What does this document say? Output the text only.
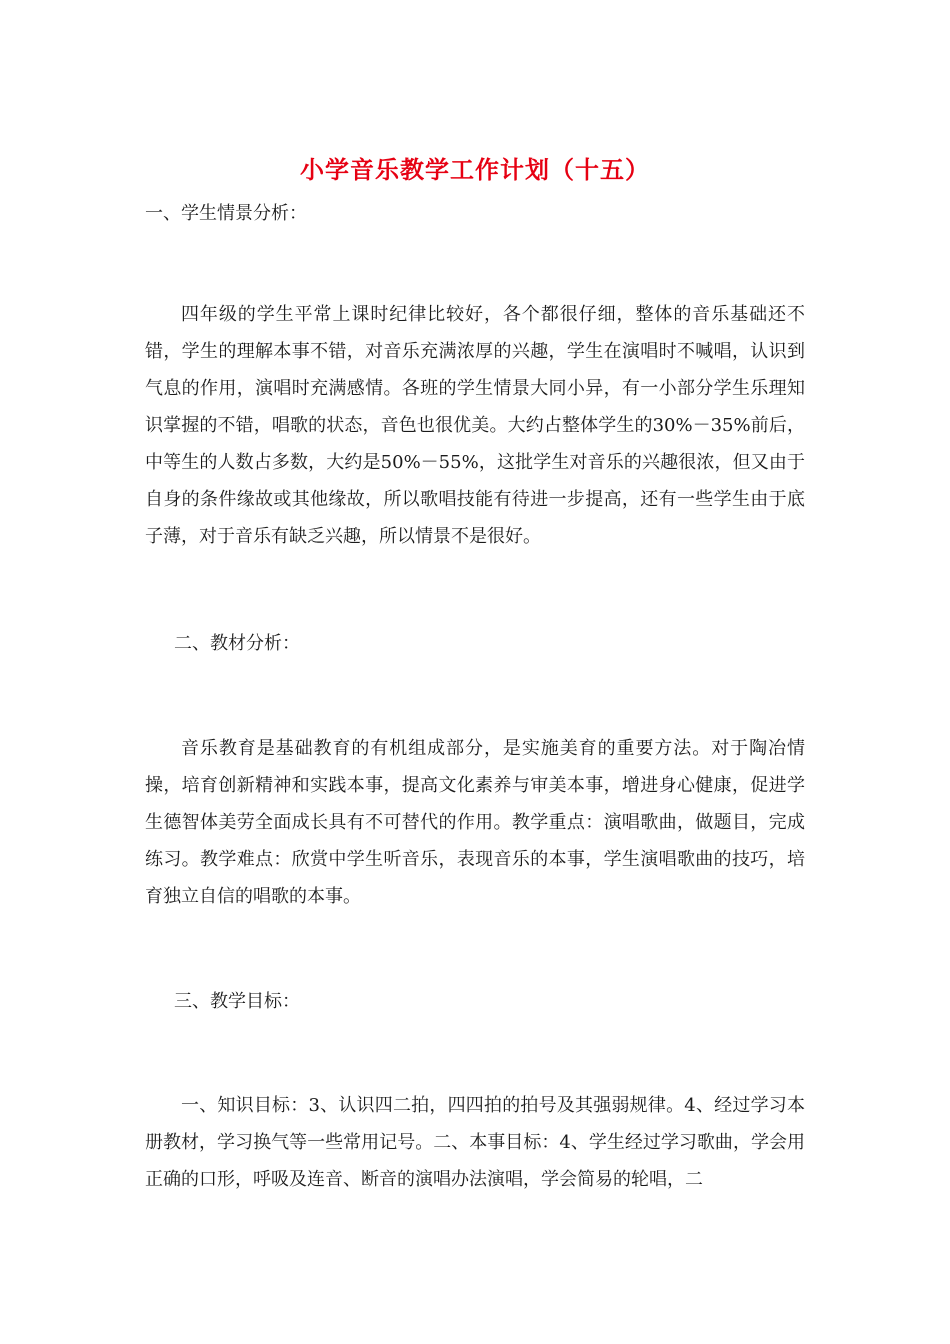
小学音乐教学工作计划（十五）

一、学生情景分析：

四年级的学生平常上课时纪律比较好，各个都很仔细，整体的音乐基础还不错，学生的理解本事不错，对音乐充满浓厚的兴趣，学生在演唱时不喊唱，认识到气息的作用，演唱时充满感情。各班的学生情景大同小异，有一小部分学生乐理知识掌握的不错，唱歌的状态，音色也很优美。大约占整体学生的30%－35%前后，中等生的人数占多数，大约是50%－55%，这批学生对音乐的兴趣很浓，但又由于自身的条件缘故或其他缘故，所以歌唱技能有待进一步提高，还有一些学生由于底子薄，对于音乐有缺乏兴趣，所以情景不是很好。

二、教材分析：

音乐教育是基础教育的有机组成部分，是实施美育的重要方法。对于陶冶情操，培育创新精神和实践本事，提高文化素养与审美本事，增进身心健康，促进学生德智体美劳全面成长具有不可替代的作用。教学重点：演唱歌曲，做题目，完成练习。教学难点：欣赏中学生听音乐，表现音乐的本事，学生演唱歌曲的技巧，培育独立自信的唱歌的本事。

三、教学目标：

一、知识目标：3、认识四二拍，四四拍的拍号及其强弱规律。4、经过学习本册教材，学习换气等一些常用记号。二、本事目标：4、学生经过学习歌曲，学会用正确的口形，呼吸及连音、断音的演唱办法演唱，学会简易的轮唱，二
